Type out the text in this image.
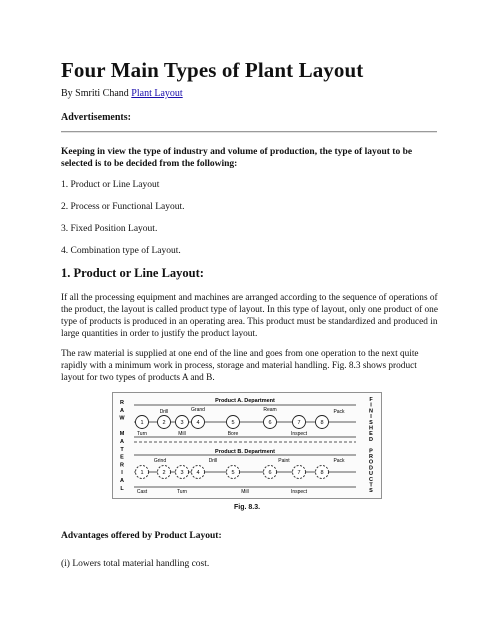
Four Main Types of Plant Layout
By Smriti Chand Plant Layout
Advertisements:
Keeping in view the type of industry and volume of production, the type of layout to be selected is to be decided from the following:
1. Product or Line Layout
2. Process or Functional Layout.
3. Fixed Position Layout.
4. Combination type of Layout.
1. Product or Line Layout:
If all the processing equipment and machines are arranged according to the sequence of operations of the product, the layout is called product type of layout. In this type of layout, only one product of one type of products is produced in an operating area. This product must be standardized and produced in large quantities in order to justify the product layout.
The raw material is supplied at one end of the line and goes from one operation to the next quite rapidly with a minimum work in process, storage and material handling. Fig. 8.3 shows product layout for two types of products A and B.
Product A. Department
1	2	3 4	5	6	7	8
Drill	Grand	Ream	Pack
Turn	Mill	Bore	Inspect
Product B. Department
1	2	3 4	5	6	7	8
Grind	Drill	Paint	Pack
Cast	Turn	Mill	Inspect
R
A
W
M
A
T
E
R
I
A
L
F
I
N
I
S
H
E
D
P
R
O
D
U
C
T
S
Fig. 8.3.
Advantages offered by Product Layout:
(i) Lowers total material handling cost.
